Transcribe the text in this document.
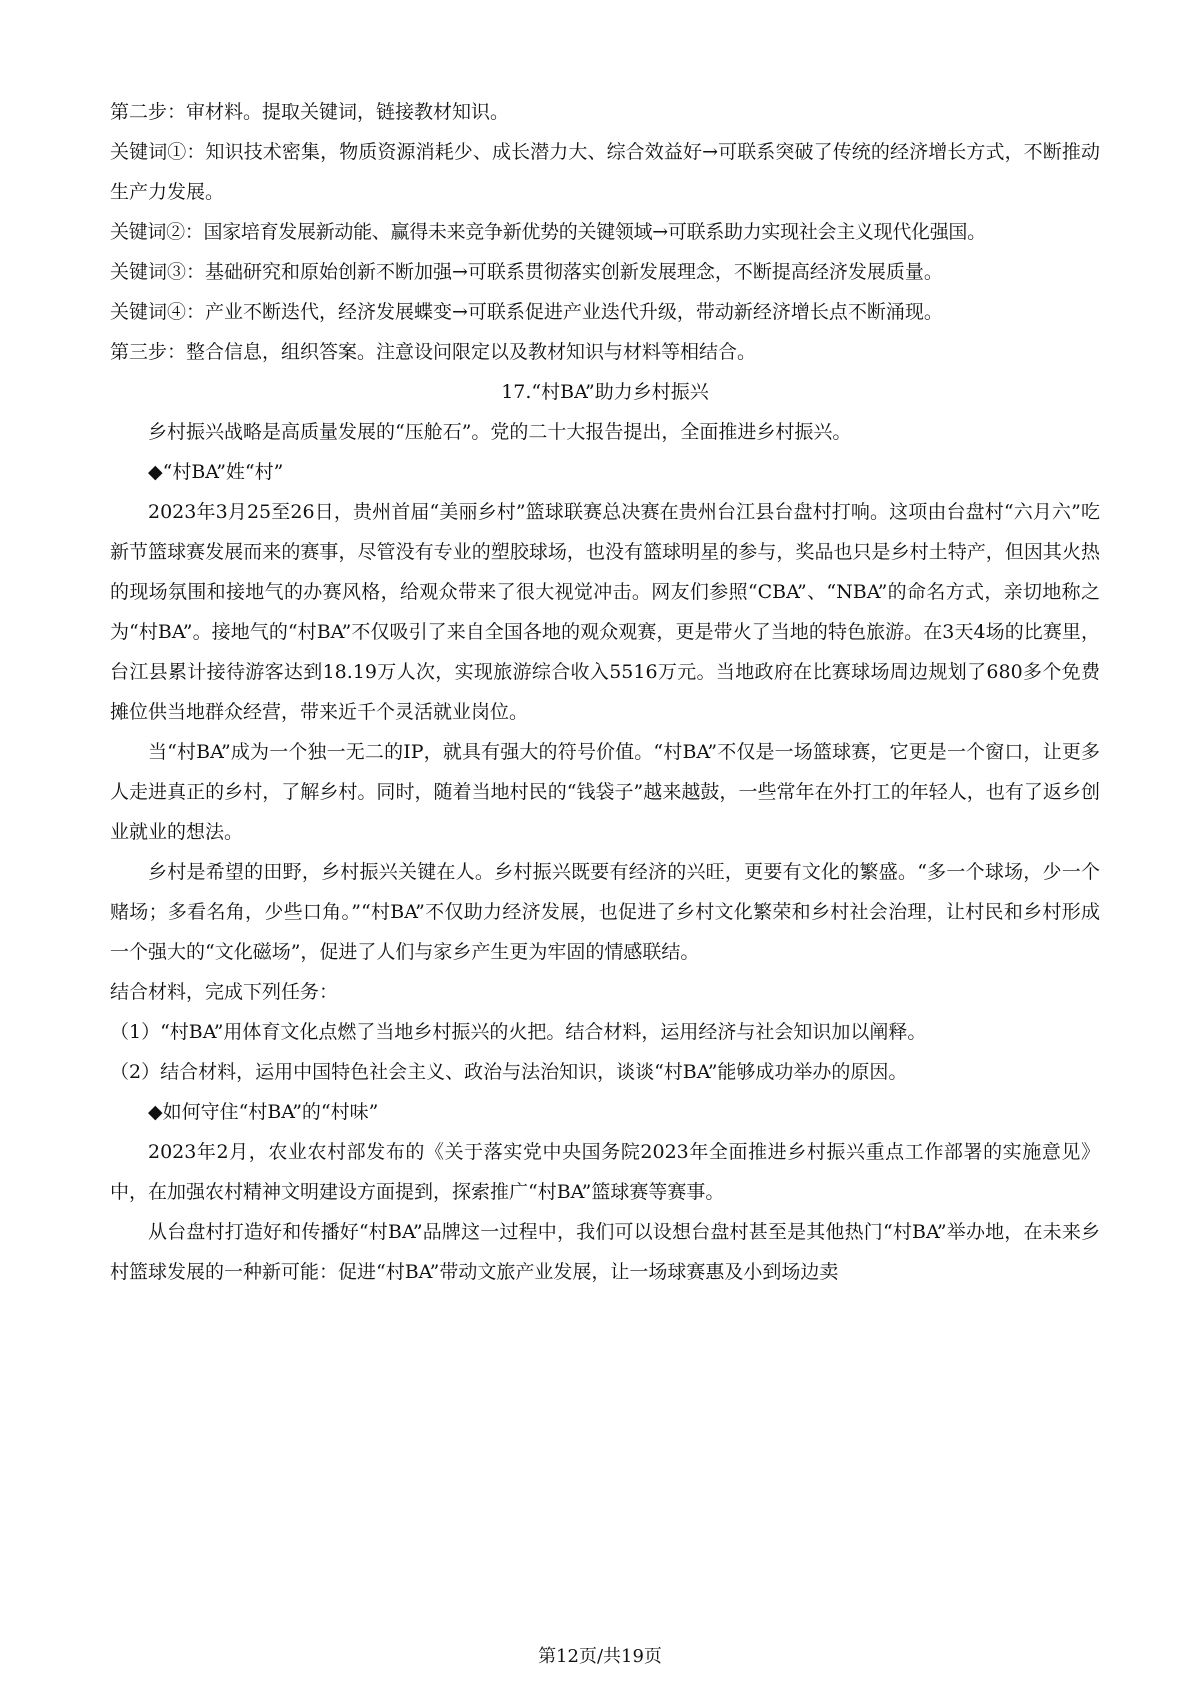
第二步：审材料。提取关键词，链接教材知识。

关键词①：知识技术密集，物质资源消耗少、成长潜力大、综合效益好→可联系突破了传统的经济增长方式，不断推动生产力发展。

关键词②：国家培育发展新动能、赢得未来竞争新优势的关键领域→可联系助力实现社会主义现代化强国。

关键词③：基础研究和原始创新不断加强→可联系贯彻落实创新发展理念，不断提高经济发展质量。

关键词④：产业不断迭代，经济发展蝶变→可联系促进产业迭代升级，带动新经济增长点不断涌现。

第三步：整合信息，组织答案。注意设问限定以及教材知识与材料等相结合。

17.“村BA”助力乡村振兴

乡村振兴战略是高质量发展的“压舱石”。党的二十大报告提出，全面推进乡村振兴。

◆“村BA”姓“村”

2023年3月25至26日，贵州首届“美丽乡村”篮球联赛总决赛在贵州台江县台盘村打响。这项由台盘村“六月六”吃新节篮球赛发展而来的赛事，尽管没有专业的塑胶球场，也没有篮球明星的参与，奖品也只是乡村土特产，但因其火热的现场氛围和接地气的办赛风格，给观众带来了很大视觉冲击。网友们参照“CBA”、“NBA”的命名方式，亲切地称之为“村BA”。接地气的“村BA”不仅吸引了来自全国各地的观众观赛，更是带火了当地的特色旅游。在3天4场的比赛里，台江县累计接待游客达到18.19万人次，实现旅游综合收入5516万元。当地政府在比赛球场周边规划了680多个免费摊位供当地群众经营，带来近千个灵活就业岗位。

当“村BA”成为一个独一无二的IP，就具有强大的符号价值。“村BA”不仅是一场篮球赛，它更是一个窗口，让更多人走进真正的乡村，了解乡村。同时，随着当地村民的“钱袋子”越来越鼓，一些常年在外打工的年轻人，也有了返乡创业就业的想法。

乡村是希望的田野，乡村振兴关键在人。乡村振兴既要有经济的兴旺，更要有文化的繁盛。“多一个球场，少一个赌场；多看名角，少些口角。”“村BA”不仅助力经济发展，也促进了乡村文化繁荣和乡村社会治理，让村民和乡村形成一个强大的“文化磁场”，促进了人们与家乡产生更为牢固的情感联结。

结合材料，完成下列任务：

（1）“村BA”用体育文化点燃了当地乡村振兴的火把。结合材料，运用经济与社会知识加以阐释。

（2）结合材料，运用中国特色社会主义、政治与法治知识，谈谈“村BA”能够成功举办的原因。

◆如何守住“村BA”的“村味”

2023年2月，农业农村部发布的《关于落实党中央国务院2023年全面推进乡村振兴重点工作部署的实施意见》中，在加强农村精神文明建设方面提到，探索推广“村BA”篮球赛等赛事。

从台盘村打造好和传播好“村BA”品牌这一过程中，我们可以设想台盘村甚至是其他热门“村BA”举办地，在未来乡村篮球发展的一种新可能：促进“村BA”带动文旅产业发展，让一场球赛惠及小到场边卖

第12页/共19页
